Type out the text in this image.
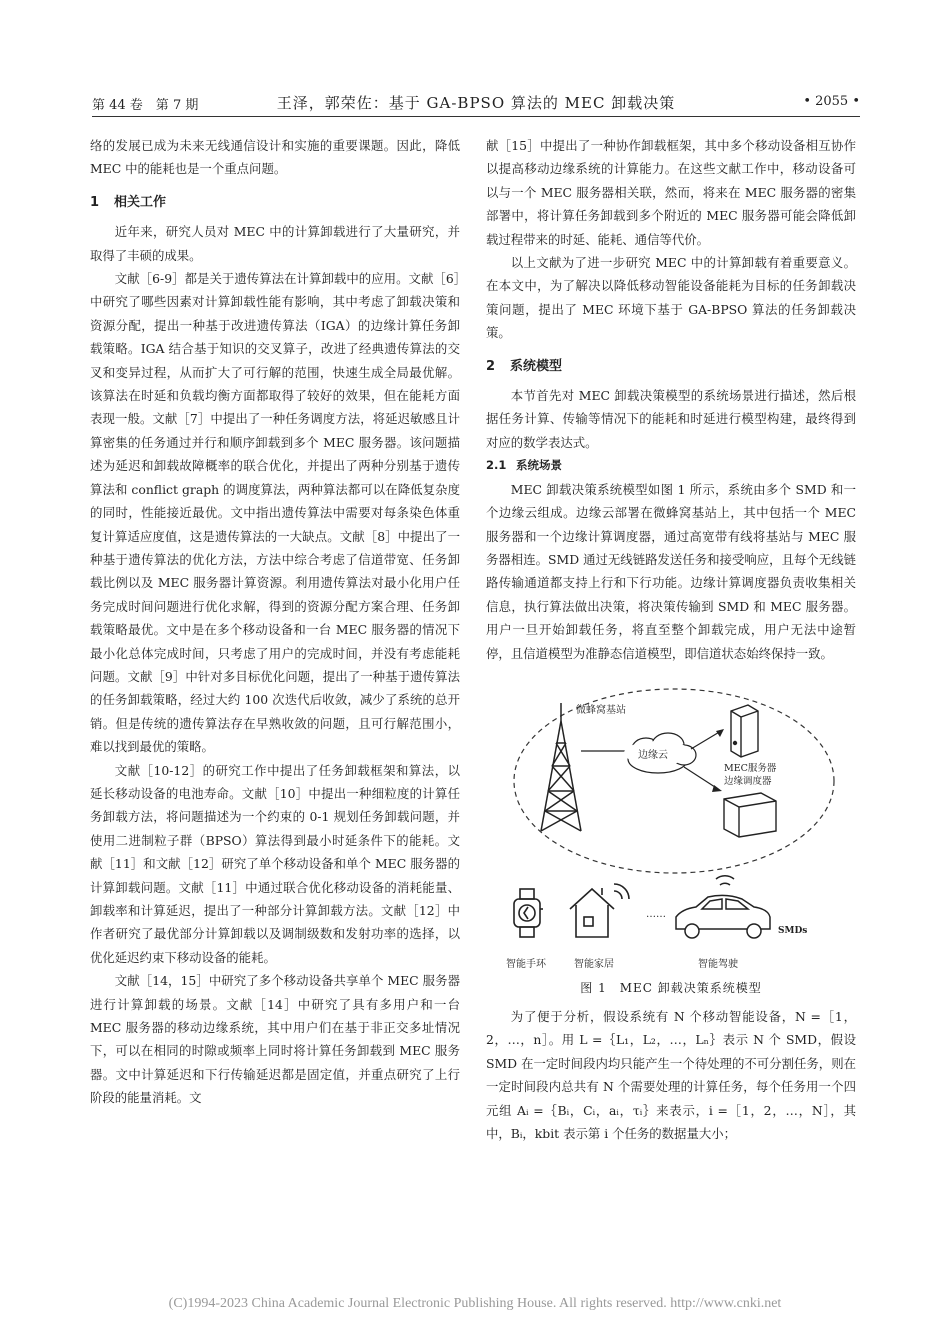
第 44 卷　第 7 期	王泽，郭荣佐：基于 GA-BPSO 算法的 MEC 卸载决策	• 2055 •

络的发展已成为未来无线通信设计和实施的重要课题。因此，降低 MEC 中的能耗也是一个重点问题。

1 相关工作

近年来，研究人员对 MEC 中的计算卸载进行了大量研究，并取得了丰硕的成果。

文献［6-9］都是关于遗传算法在计算卸载中的应用。文献［6］中研究了哪些因素对计算卸载性能有影响，其中考虑了卸载决策和资源分配，提出一种基于改进遗传算法（IGA）的边缘计算任务卸载策略。IGA 结合基于知识的交叉算子，改进了经典遗传算法的交叉和变异过程，从而扩大了可行解的范围，快速生成全局最优解。该算法在时延和负载均衡方面都取得了较好的效果，但在能耗方面表现一般。文献［7］中提出了一种任务调度方法，将延迟敏感且计算密集的任务通过并行和顺序卸载到多个 MEC 服务器。该问题描述为延迟和卸载故障概率的联合优化，并提出了两种分别基于遗传算法和 conflict graph 的调度算法，两种算法都可以在降低复杂度的同时，性能接近最优。文中指出遗传算法中需要对每条染色体重复计算适应度值，这是遗传算法的一大缺点。文献［8］中提出了一种基于遗传算法的优化方法，方法中综合考虑了信道带宽、任务卸载比例以及 MEC 服务器计算资源。利用遗传算法对最小化用户任务完成时间问题进行优化求解，得到的资源分配方案合理、任务卸载策略最优。文中是在多个移动设备和一台 MEC 服务器的情况下最小化总体完成时间，只考虑了用户的完成时间，并没有考虑能耗问题。文献［9］中针对多目标优化问题，提出了一种基于遗传算法的任务卸载策略，经过大约 100 次迭代后收敛，减少了系统的总开销。但是传统的遗传算法存在早熟收敛的问题，且可行解范围小，难以找到最优的策略。

文献［10-12］的研究工作中提出了任务卸载框架和算法，以延长移动设备的电池寿命。文献［10］中提出一种细粒度的计算任务卸载方法，将问题描述为一个约束的 0-1 规划任务卸载问题，并使用二进制粒子群（BPSO）算法得到最小时延条件下的能耗。文献［11］和文献［12］研究了单个移动设备和单个 MEC 服务器的计算卸载问题。文献［11］中通过联合优化移动设备的消耗能量、卸载率和计算延迟，提出了一种部分计算卸载方法。文献［12］中作者研究了最优部分计算卸载以及调制级数和发射功率的选择，以优化延迟约束下移动设备的能耗。

文献［14，15］中研究了多个移动设备共享单个 MEC 服务器进行计算卸载的场景。文献［14］中研究了具有多用户和一台 MEC 服务器的移动边缘系统，其中用户们在基于非正交多址情况下，可以在相同的时隙或频率上同时将计算任务卸载到 MEC 服务器。文中计算延迟和下行传输延迟都是固定值，并重点研究了上行阶段的能量消耗。文

献［15］中提出了一种协作卸载框架，其中多个移动设备相互协作以提高移动边缘系统的计算能力。在这些文献工作中，移动设备可以与一个 MEC 服务器相关联，然而，将来在 MEC 服务器的密集部署中，将计算任务卸载到多个附近的 MEC 服务器可能会降低卸载过程带来的时延、能耗、通信等代价。

以上文献为了进一步研究 MEC 中的计算卸载有着重要意义。在本文中，为了解决以降低移动智能设备能耗为目标的任务卸载决策问题，提出了 MEC 环境下基于 GA-BPSO 算法的任务卸载决策。

2 系统模型

本节首先对 MEC 卸载决策模型的系统场景进行描述，然后根据任务计算、传输等情况下的能耗和时延进行模型构建，最终得到对应的数学表达式。

2.1 系统场景

MEC 卸载决策系统模型如图 1 所示，系统由多个 SMD 和一个边缘云组成。边缘云部署在微蜂窝基站上，其中包括一个 MEC 服务器和一个边缘计算调度器，通过高宽带有线将基站与 MEC 服务器相连。SMD 通过无线链路发送任务和接受响应，且每个无线链路传输通道都支持上行和下行功能。边缘计算调度器负责收集相关信息，执行算法做出决策，将决策传输到 SMD 和 MEC 服务器。用户一旦开始卸载任务，将直至整个卸载完成，用户无法中途暂停，且信道模型为准静态信道模型，即信道状态始终保持一致。

微蜂窝基站
边缘云
MEC服务器
边缘调度器
……
SMDs
智能手环	智能家居	智能驾驶
图 1　MEC 卸载决策系统模型

为了便于分析，假设系统有 N 个移动智能设备，N =［1，2，…，n］。用 L =｛L₁，L₂，…，Lₙ｝表示 N 个 SMD，假设 SMD 在一定时间段内均只能产生一个待处理的不可分割任务，则在一定时间段内总共有 N 个需要处理的计算任务，每个任务用一个四元组 Aᵢ =｛Bᵢ，Cᵢ，aᵢ，τᵢ｝来表示，i =［1，2，…，N］，其中，Bᵢ，kbit 表示第 i 个任务的数据量大小；

(C)1994-2023 China Academic Journal Electronic Publishing House. All rights reserved. http://www.cnki.net
